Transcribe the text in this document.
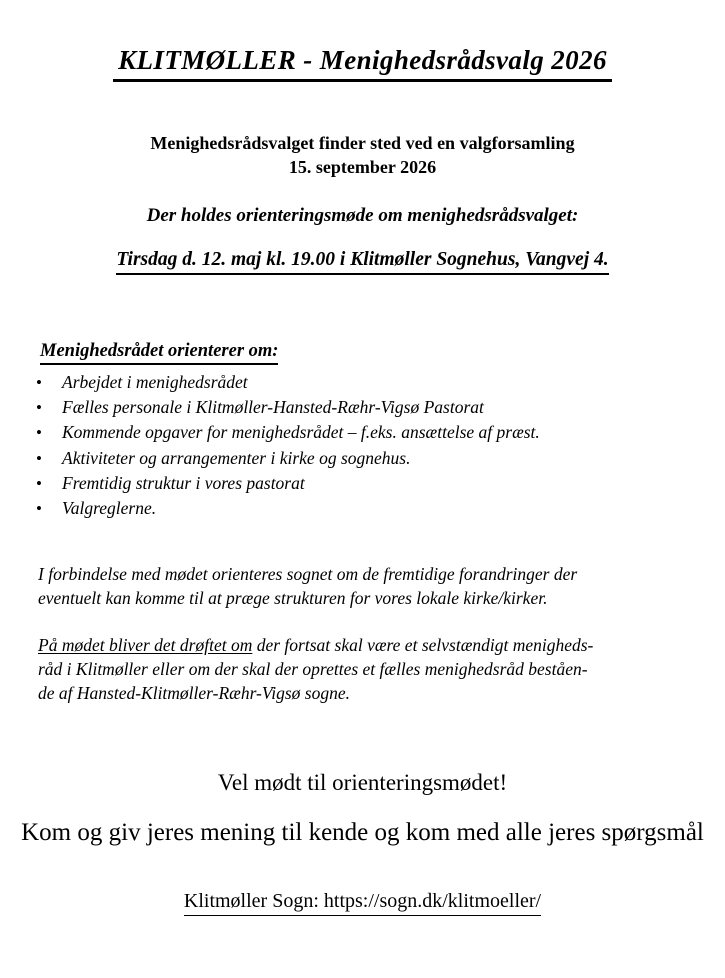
KLITMØLLER - Menighedsrådsvalg 2026
Menighedsrådsvalget finder sted ved en valgforsamling
15. september 2026
Der holdes orienteringsmøde om menighedsrådsvalget:
Tirsdag d. 12. maj kl. 19.00 i Klitmøller Sognehus, Vangvej 4.
Menighedsrådet orienterer om:
• Arbejdet i menighedsrådet
• Fælles personale i Klitmøller-Hansted-Ræhr-Vigsø Pastorat
• Kommende opgaver for menighedsrådet – f.eks. ansættelse af præst.
• Aktiviteter og arrangementer i kirke og sognehus.
• Fremtidig struktur i vores pastorat
• Valgreglerne.
I forbindelse med mødet orienteres sognet om de fremtidige forandringer der
eventuelt kan komme til at præge strukturen for vores lokale kirke/kirker.
På mødet bliver det drøftet om der fortsat skal være et selvstændigt menigheds-
råd i Klitmøller eller om der skal der oprettes et fælles menighedsråd beståen-
de af Hansted-Klitmøller-Ræhr-Vigsø sogne.
Vel mødt til orienteringsmødet!
Kom og giv jeres mening til kende og kom med alle jeres spørgsmål
Klitmøller Sogn: https://sogn.dk/klitmoeller/
